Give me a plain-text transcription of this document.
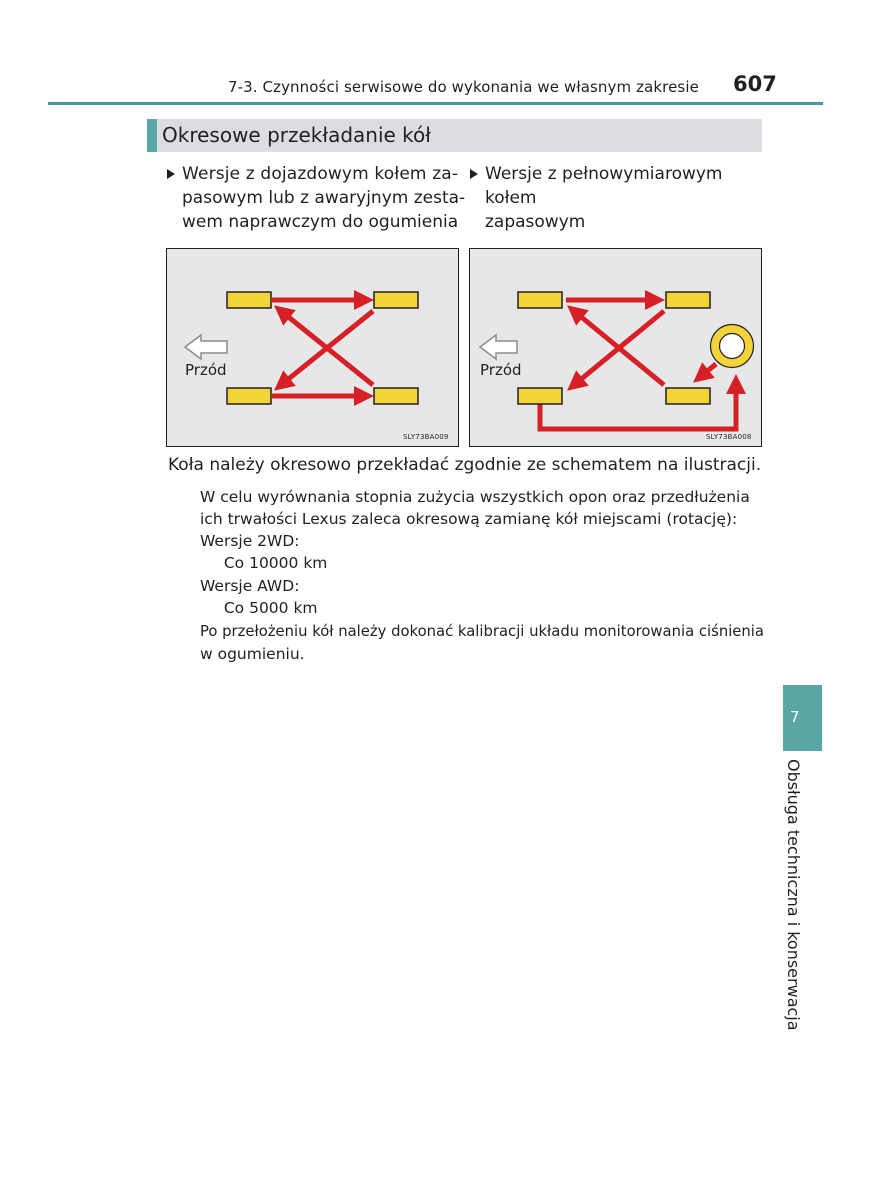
7-3. Czynności serwisowe do wykonania we własnym zakresie 607
Okresowe przekładanie kół
Wersje z dojazdowym kołem za-
pasowym lub z awaryjnym zesta-
wem naprawczym do ogumienia
Wersje z pełnowymiarowym kołem
zapasowym
Przód
SLY73BA009
Przód
SLY73BA008
Koła należy okresowo przekładać zgodnie ze schematem na ilustracji.
W celu wyrównania stopnia zużycia wszystkich opon oraz przedłużenia
ich trwałości Lexus zaleca okresową zamianę kół miejscami (rotację):
Wersje 2WD:
Co 10000 km
Wersje AWD:
Co 5000 km
Po przełożeniu kół należy dokonać kalibracji układu monitorowania ciśnienia
w ogumieniu.
7
Obsługa techniczna i konserwacja
